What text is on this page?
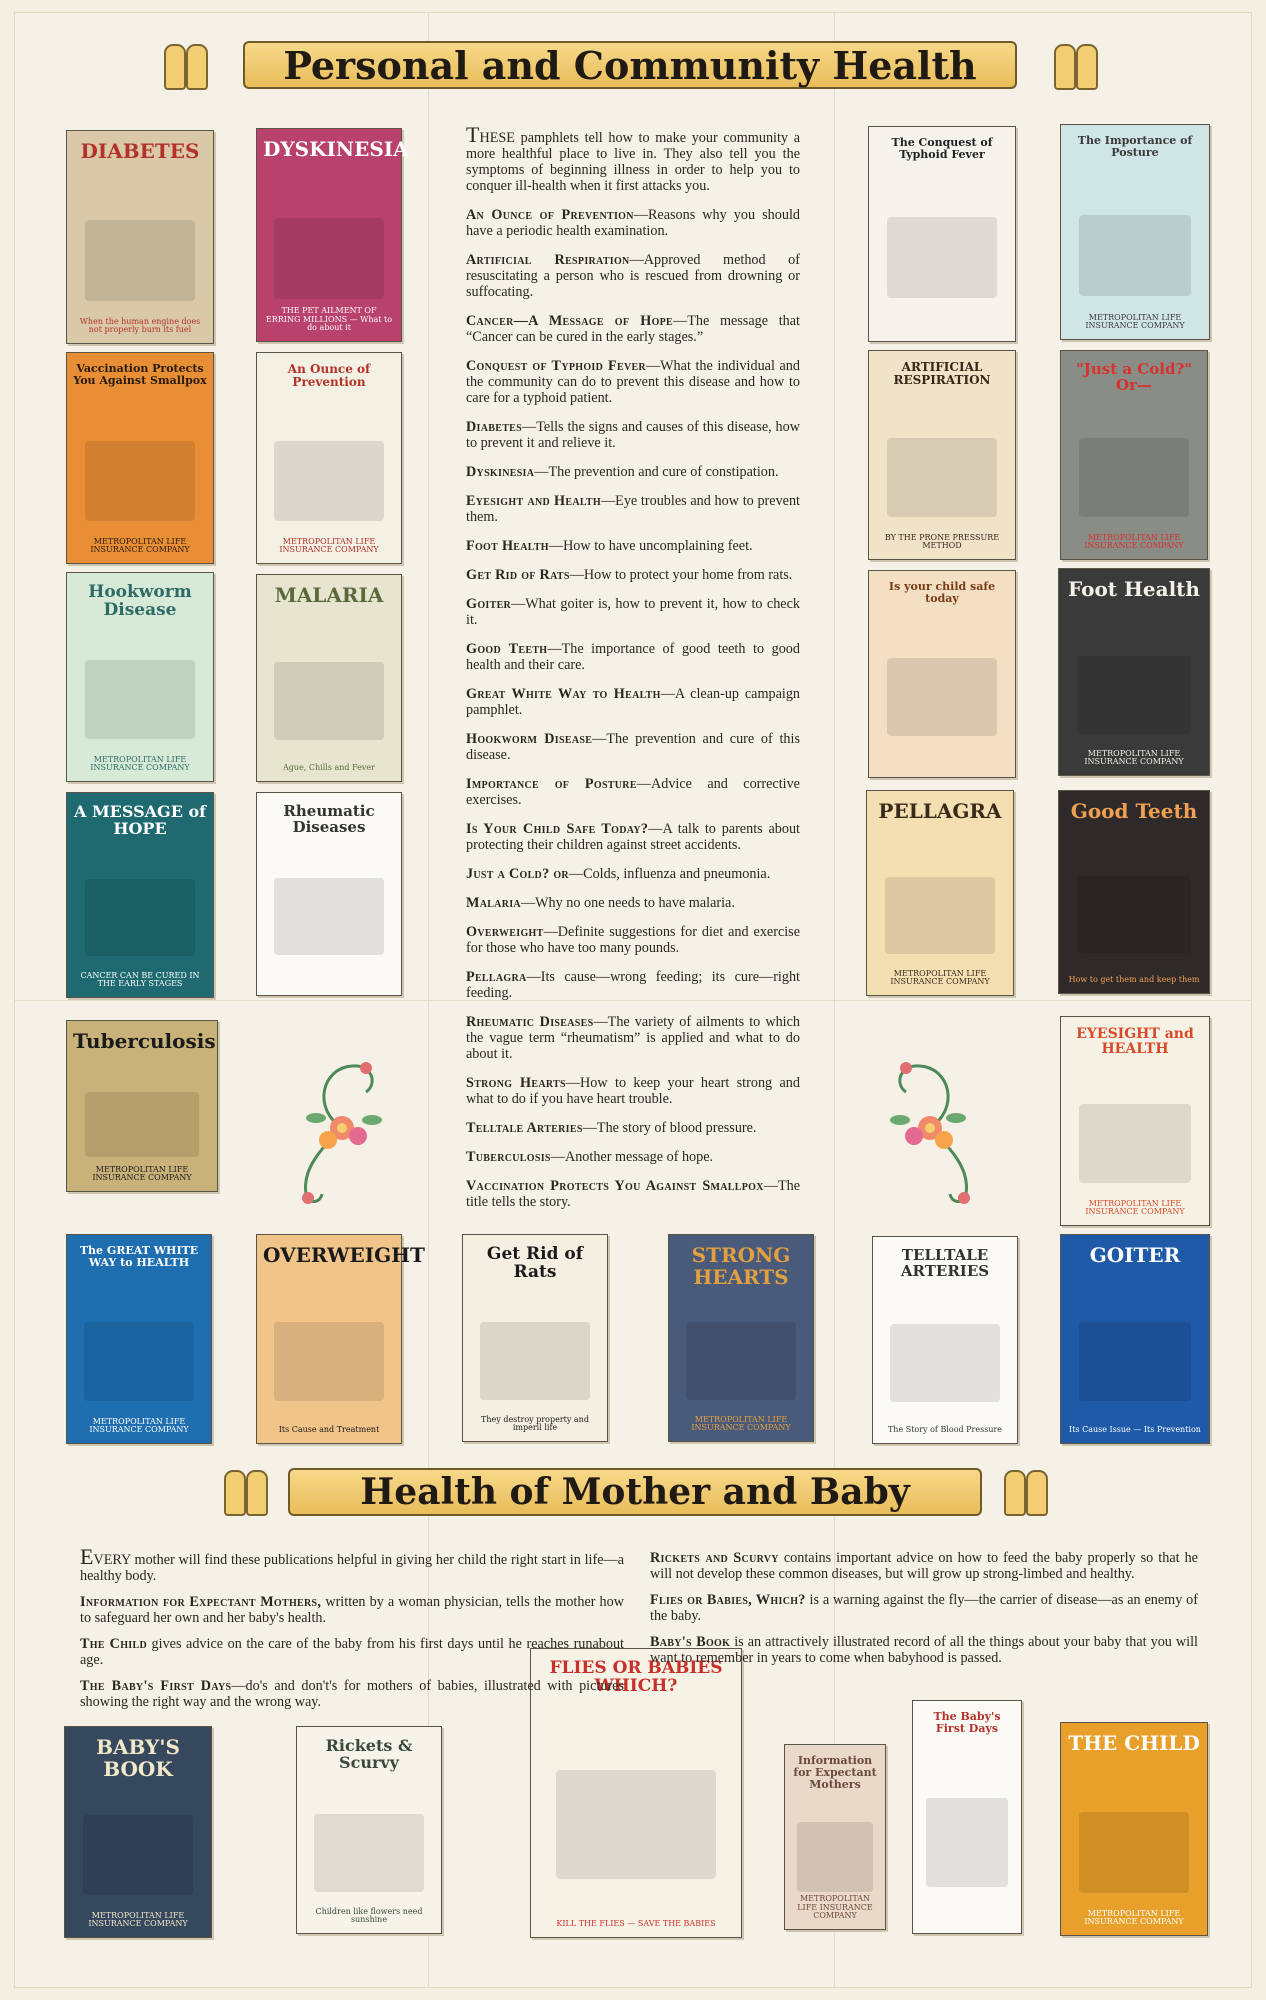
Personal and Community Health

THESE pamphlets tell how to make your community a more healthful place to live in. They also tell you the symptoms of beginning illness in order to help you to conquer ill-health when it first attacks you.

An Ounce of Prevention—Reasons why you should have a periodic health examination.

Artificial Respiration—Approved method of resuscitating a person who is rescued from drowning or suffocating.

Cancer—A Message of Hope—The message that “Cancer can be cured in the early stages.”

Conquest of Typhoid Fever—What the individual and the community can do to prevent this disease and how to care for a typhoid patient.

Diabetes—Tells the signs and causes of this disease, how to prevent it and relieve it.

Dyskinesia—The prevention and cure of constipation.

Eyesight and Health—Eye troubles and how to prevent them.

Foot Health—How to have uncomplaining feet.

Get Rid of Rats—How to protect your home from rats.

Goiter—What goiter is, how to prevent it, how to check it.

Good Teeth—The importance of good teeth to good health and their care.

Great White Way to Health—A clean-up campaign pamphlet.

Hookworm Disease—The prevention and cure of this disease.

Importance of Posture—Advice and corrective exercises.

Is Your Child Safe Today?—A talk to parents about protecting their children against street accidents.

Just a Cold? or—Colds, influenza and pneumonia.

Malaria—Why no one needs to have malaria.

Overweight—Definite suggestions for diet and exercise for those who have too many pounds.

Pellagra—Its cause—wrong feeding; its cure—right feeding.

Rheumatic Diseases—The variety of ailments to which the vague term “rheumatism” is applied and what to do about it.

Strong Hearts—How to keep your heart strong and what to do if you have heart trouble.

Telltale Arteries—The story of blood pressure.

Tuberculosis—Another message of hope.

Vaccination Protects You Against Smallpox—The title tells the story.

DIABETES
When the human engine does not properly burn its fuel
DYSKINESIA
THE PET AILMENT OF ERRING MILLIONS — What to do about it
The Conquest of Typhoid Fever
The Importance of Posture
METROPOLITAN LIFE INSURANCE COMPANY
Vaccination Protects You Against Smallpox
METROPOLITAN LIFE INSURANCE COMPANY
An Ounce of Prevention
METROPOLITAN LIFE INSURANCE COMPANY
ARTIFICIAL RESPIRATION
BY THE PRONE PRESSURE METHOD
"Just a Cold?" Or—
METROPOLITAN LIFE INSURANCE COMPANY
Hookworm Disease
METROPOLITAN LIFE INSURANCE COMPANY
MALARIA
Ague, Chills and Fever
Is your child safe today	Foot Health
METROPOLITAN LIFE INSURANCE COMPANY
A MESSAGE of HOPE
CANCER CAN BE CURED IN THE EARLY STAGES
Rheumatic Diseases
PELLAGRA
METROPOLITAN LIFE INSURANCE COMPANY
Good Teeth
How to get them and keep them
Tuberculosis
METROPOLITAN LIFE INSURANCE COMPANY
EYESIGHT and HEALTH
METROPOLITAN LIFE INSURANCE COMPANY
The GREAT WHITE WAY to HEALTH
METROPOLITAN LIFE INSURANCE COMPANY
OVERWEIGHT
Its Cause and Treatment
Get Rid of Rats
They destroy property and imperil life
STRONG HEARTS
METROPOLITAN LIFE INSURANCE COMPANY
TELLTALE ARTERIES
The Story of Blood Pressure
GOITER
Its Cause Issue — Its Prevention
BABY'S BOOK
METROPOLITAN LIFE INSURANCE COMPANY
Rickets & Scurvy
Children like flowers need sunshine
FLIES OR BABIES WHICH?
KILL THE FLIES — SAVE THE BABIES
Information for Expectant Mothers
METROPOLITAN LIFE INSURANCE COMPANY
The Baby's First Days
THE CHILD
METROPOLITAN LIFE INSURANCE COMPANY
Health of Mother and Baby

EVERY mother will find these publications helpful in giving her child the right start in life—a healthy body.

Information for Expectant Mothers, written by a woman physician, tells the mother how to safeguard her own and her baby's health.

The Child gives advice on the care of the baby from his first days until he reaches runabout age.

The Baby's First Days—do's and don't's for mothers of babies, illustrated with pictures showing the right way and the wrong way.

Rickets and Scurvy contains important advice on how to feed the baby properly so that he will not develop these common diseases, but will grow up strong-limbed and healthy.

Flies or Babies, Which? is a warning against the fly—the carrier of disease—as an enemy of the baby.

Baby's Book is an attractively illustrated record of all the things about your baby that you will want to remember in years to come when babyhood is passed.
